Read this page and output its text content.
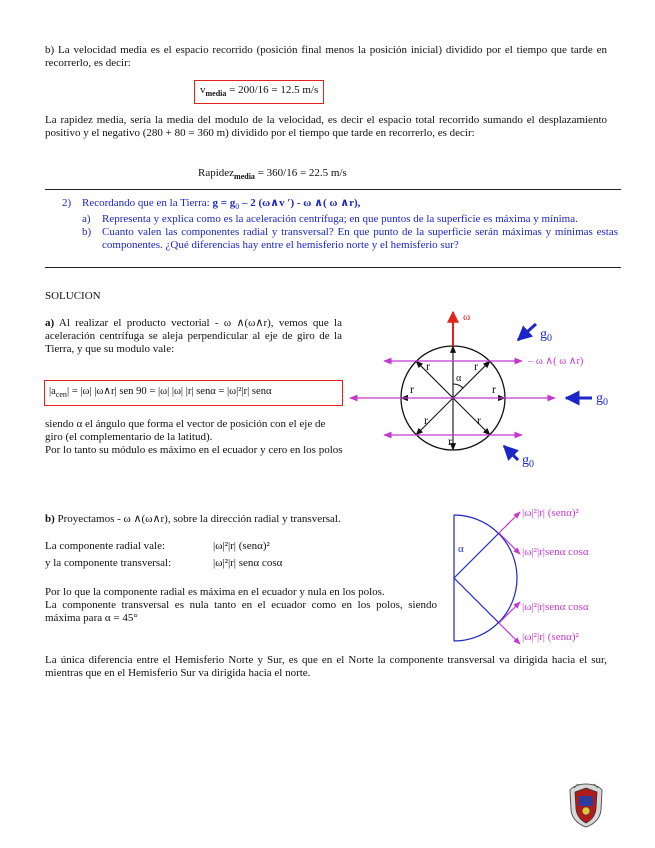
b) La velocidad media es el espacio recorrido (posición final menos la posición inicial) dividido por el tiempo que tarde en recorrerlo, es decir:
$v_{media} = 200/16 = 12.5$ m/s
La rapidez media, sería la media del modulo de la velocidad, es decir el espacio total recorrido sumando el desplazamiento positivo y el negativo (280 + 80 = 360 m) dividido por el tiempo que tarde en recorrerlo, es decir:
Rapidez$_{media}$ = 360/16 = 22.5 m/s
2) Recordando que en la Tierra: $g = g_0 - 2$ (ω∧v ′) - ω ∧( ω ∧r),
a)	Representa y explica como es la aceleración centrífuga; en que puntos de la superficie es máxima y mínima.
b) Cuanto valen las componentes radial y transversal? En que punto de la superficie serán máximas y mínimas estas componentes. ¿Qué diferencias hay entre el hemisferio norte y el hemisferio sur?
SOLUCION
a) Al realizar el producto vectorial - ω ∧(ω∧r), vemos que la aceleración centrífuga se aleja perpendicular al eje de giro de la Tierra, y que su modulo vale:
$|a_{cen}| = |\omega|$ |ω∧r| sen 90 = |ω| |ω| |r| senα = |ω|²|r| senα
siendo α el ángulo que forma el vector de posición con el eje de giro (el complementario de la latitud).
Por lo tanto su módulo es máximo en el ecuador y cero en los polos
b) Proyectamos - ω ∧(ω∧r), sobre la dirección radial y transversal.
La componente radial vale:	|ω|²|r| (senα)²
y la componente transversal:	|ω|²|r| senα cosα
Por lo que la componente radial es máxima en el ecuador y nula en los polos.
La componente transversal es nula tanto en el ecuador como en los polos, siendo máxima para α = 45°
La única diferencia entre el Hemisferio Norte y Sur, es que en el Norte la componente transversal va dirigida hacia el sur, mientras que en el Hemisferio Sur va dirigida hacia el norte.
ω
r	r
r	r
r	r
r
α
– ω ∧( ω ∧r)
$g_0$
$g_0$
$g_0$
α
|ω|²|r| (senα)²
|ω|²|r|senα cosα
|ω|²|r|senα cosα
|ω|²|r| (senα)²
